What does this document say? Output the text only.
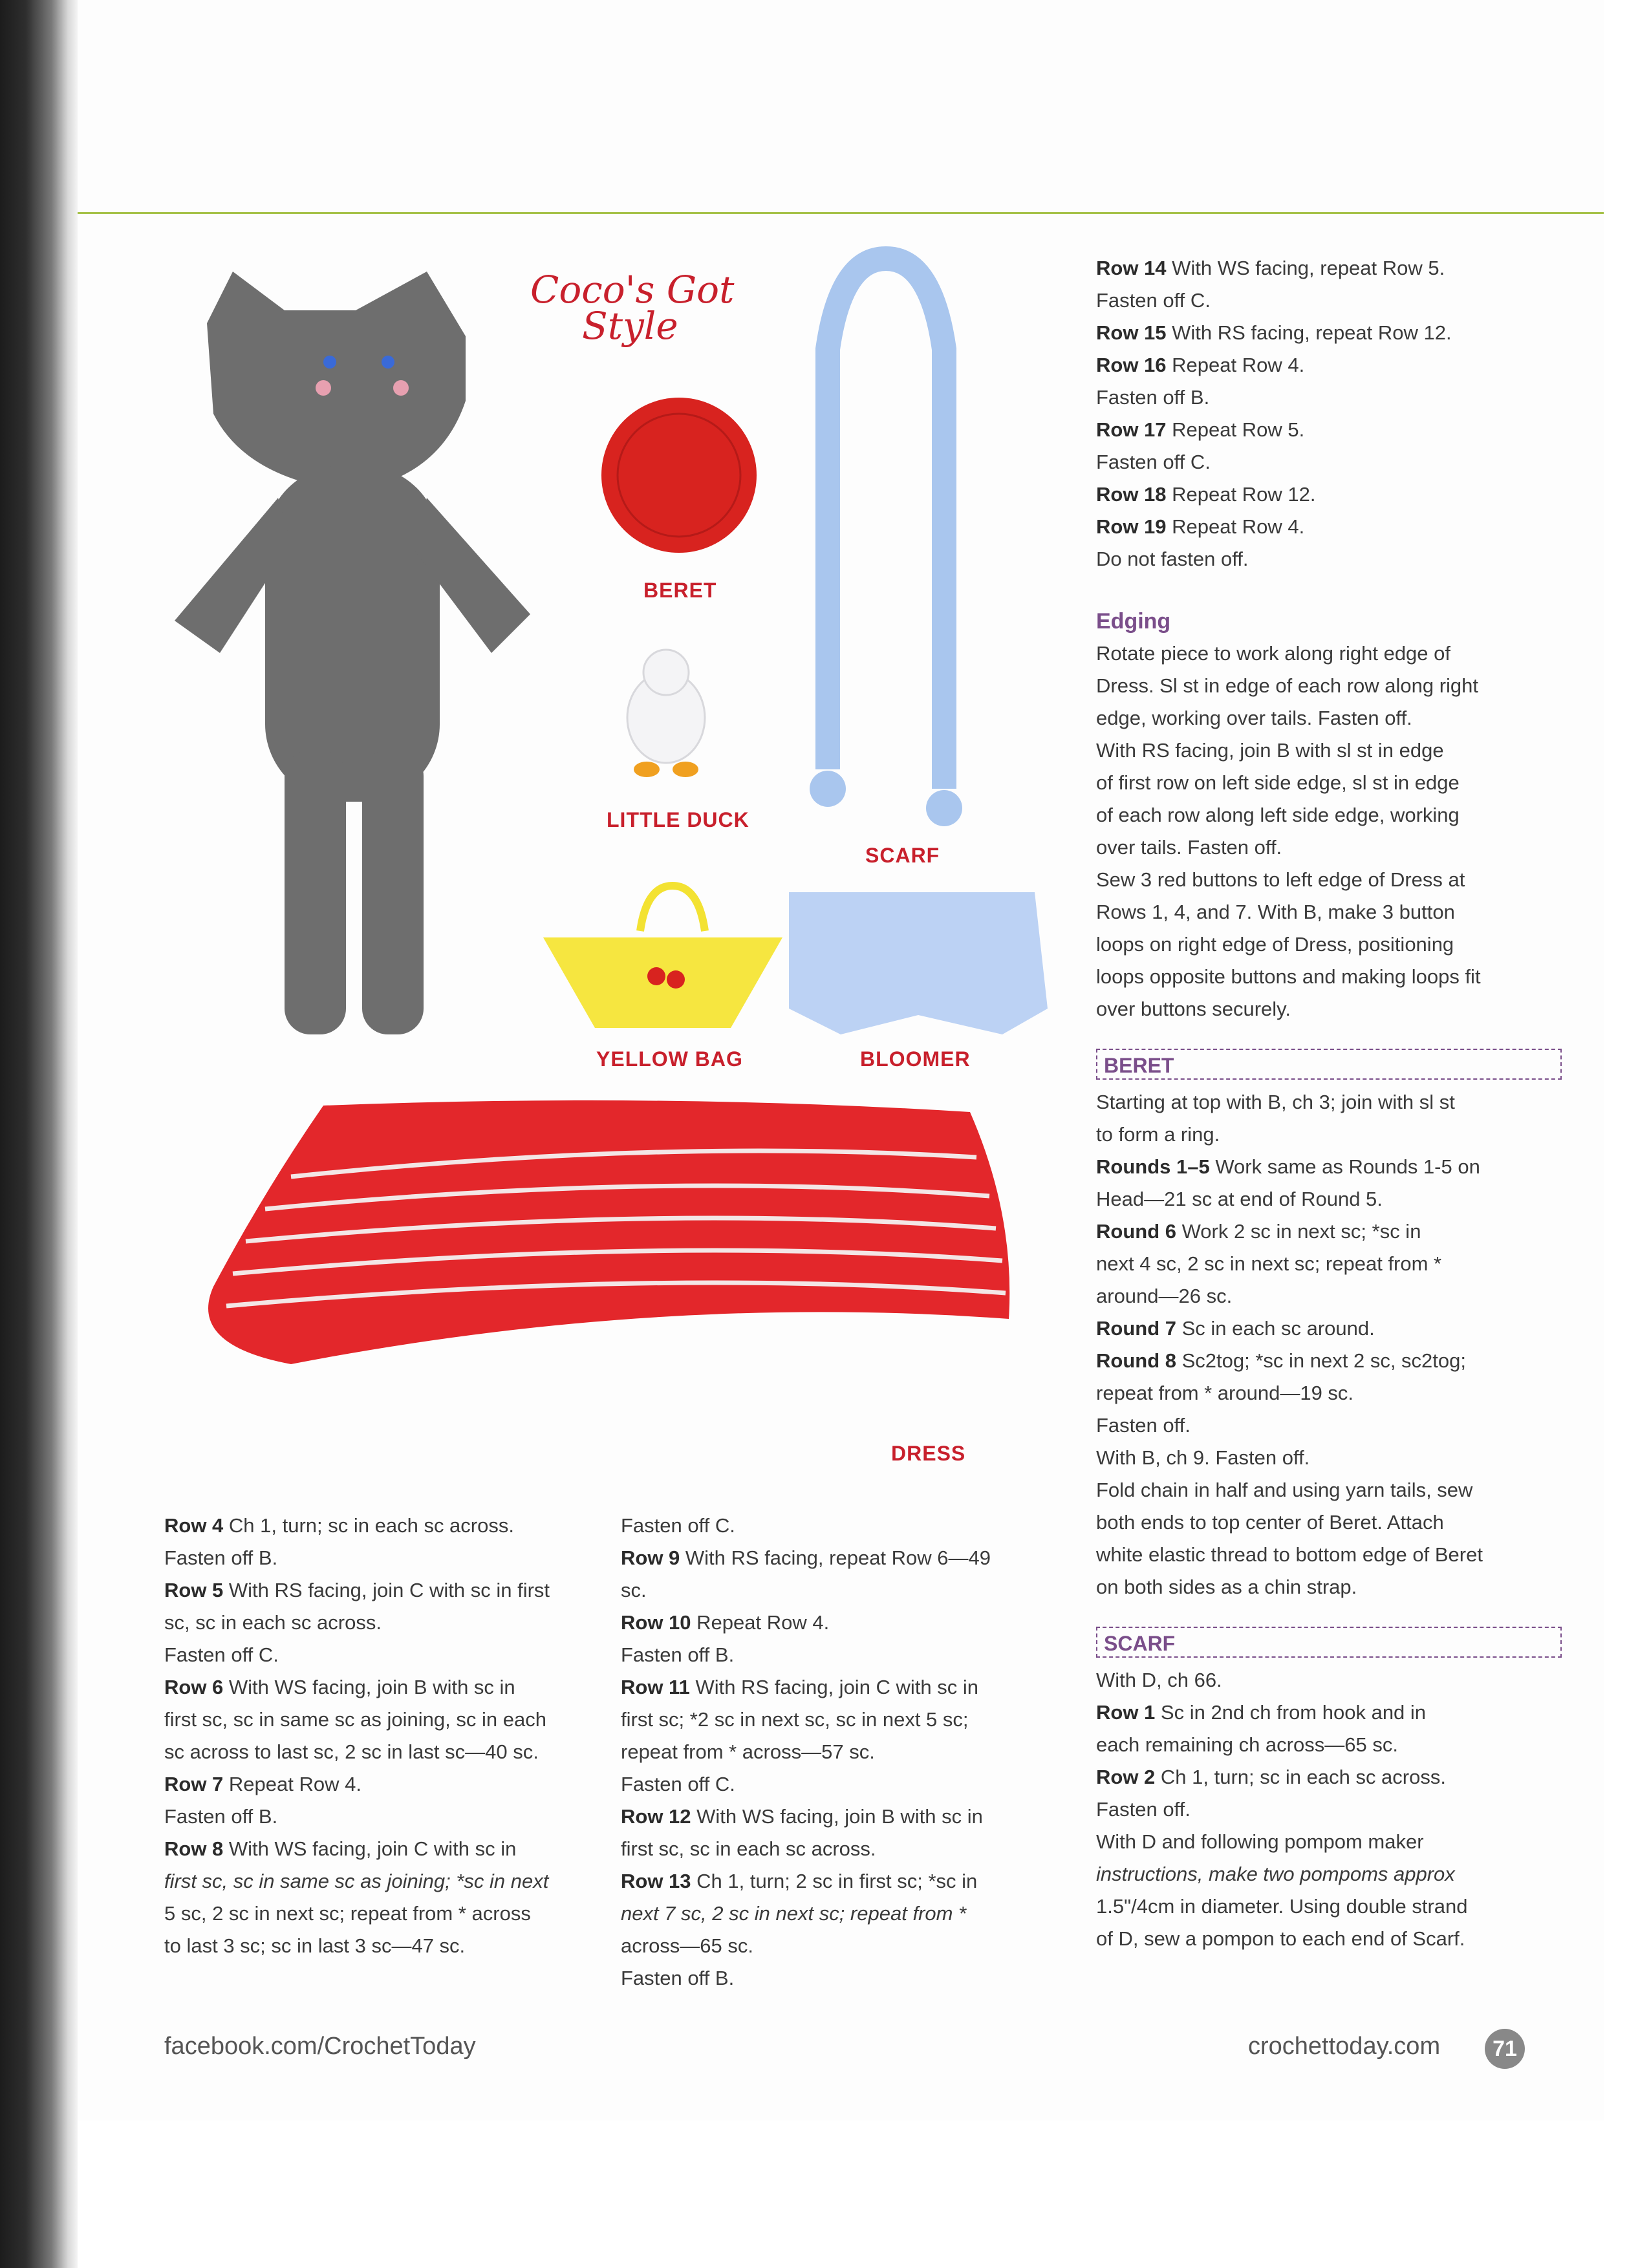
Coco's Got
Style
BERET
LITTLE DUCK
SCARF
YELLOW BAG	BLOOMER
DRESS

Row 4 Ch 1, turn; sc in each sc across.

Fasten off B.

Row 5 With RS facing, join C with sc in first

sc, sc in each sc across.

Fasten off C.

Row 6 With WS facing, join B with sc in

first sc, sc in same sc as joining, sc in each

sc across to last sc, 2 sc in last sc—40 sc.

Row 7 Repeat Row 4.

Fasten off B.

Row 8 With WS facing, join C with sc in

first sc, sc in same sc as joining; *sc in next

5 sc, 2 sc in next sc; repeat from * across

to last 3 sc; sc in last 3 sc—47 sc.

Fasten off C.

Row 9 With RS facing, repeat Row 6—49 sc.

Row 10 Repeat Row 4.

Fasten off B.

Row 11 With RS facing, join C with sc in

first sc; *2 sc in next sc, sc in next 5 sc;

repeat from * across—57 sc.

Fasten off C.

Row 12 With WS facing, join B with sc in

first sc, sc in each sc across.

Row 13 Ch 1, turn; 2 sc in first sc; *sc in

next 7 sc, 2 sc in next sc; repeat from *

across—65 sc.

Fasten off B.

Row 14 With WS facing, repeat Row 5.

Fasten off C.

Row 15 With RS facing, repeat Row 12.

Row 16 Repeat Row 4.

Fasten off B.

Row 17 Repeat Row 5.

Fasten off C.

Row 18 Repeat Row 12.

Row 19 Repeat Row 4.

Do not fasten off.

Edging

Rotate piece to work along right edge of

Dress. Sl st in edge of each row along right

edge, working over tails. Fasten off.

With RS facing, join B with sl st in edge

of first row on left side edge, sl st in edge

of each row along left side edge, working

over tails. Fasten off.

Sew 3 red buttons to left edge of Dress at

Rows 1, 4, and 7. With B, make 3 button

loops on right edge of Dress, positioning

loops opposite buttons and making loops fit

over buttons securely.

BERET

Starting at top with B, ch 3; join with sl st

to form a ring.

Rounds 1–5 Work same as Rounds 1-5 on

Head—21 sc at end of Round 5.

Round 6 Work 2 sc in next sc; *sc in

next 4 sc, 2 sc in next sc; repeat from *

around—26 sc.

Round 7 Sc in each sc around.

Round 8 Sc2tog; *sc in next 2 sc, sc2tog;

repeat from * around—19 sc.

Fasten off.

With B, ch 9. Fasten off.

Fold chain in half and using yarn tails, sew

both ends to top center of Beret. Attach

white elastic thread to bottom edge of Beret

on both sides as a chin strap.

SCARF

With D, ch 66.

Row 1 Sc in 2nd ch from hook and in

each remaining ch across—65 sc.

Row 2 Ch 1, turn; sc in each sc across.

Fasten off.

With D and following pompom maker

instructions, make two pompoms approx

1.5"/4cm in diameter. Using double strand

of D, sew a pompon to each end of Scarf.

facebook.com/CrochetToday	crochettoday.com	71
